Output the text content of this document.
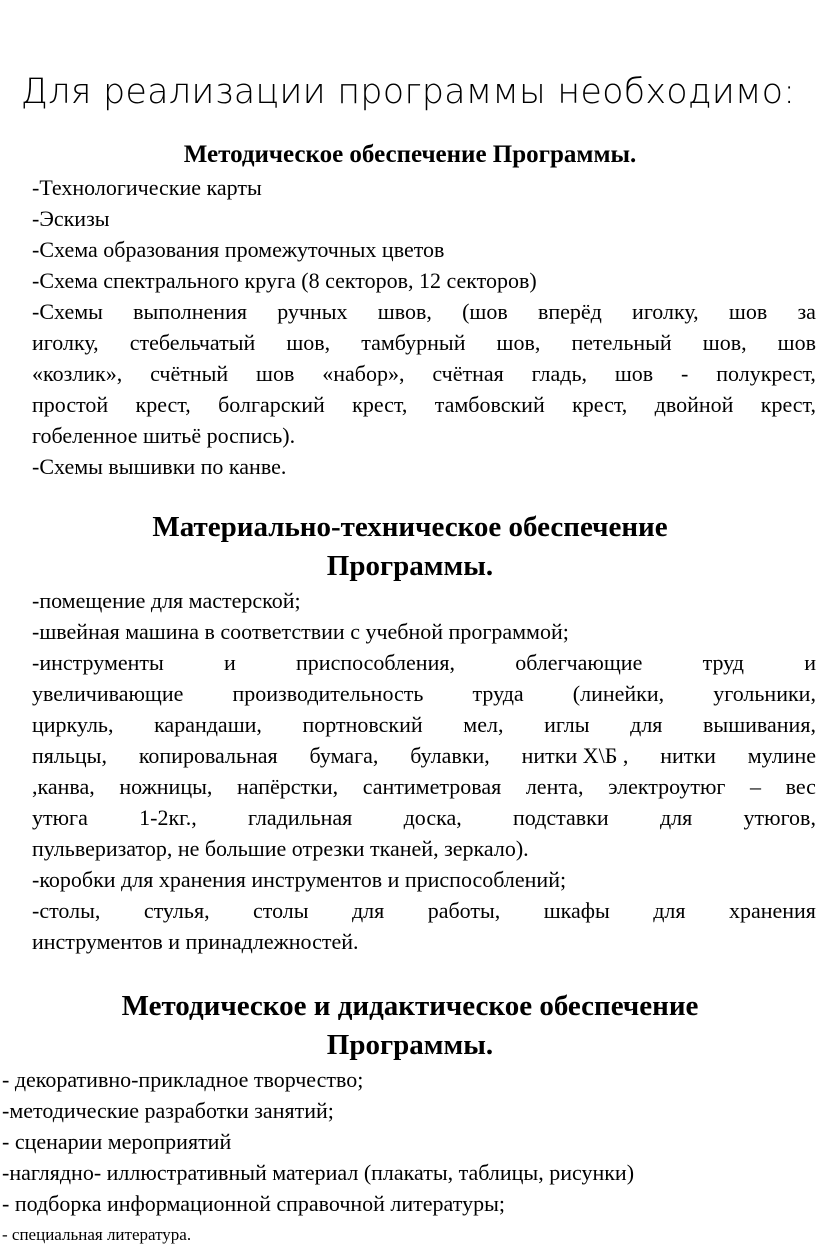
Для реализации программы необходимо:
Методическое обеспечение Программы.
-Технологические карты
-Эскизы
-Схема образования промежуточных цветов
-Схема спектрального круга (8 секторов, 12 секторов)
-Схемы выполнения ручных швов, (шов вперёд иголку, шов за
иголку, стебельчатый шов, тамбурный шов, петельный шов, шов
«козлик», счётный шов «набор», счётная гладь, шов - полукрест,
простой крест, болгарский крест, тамбовский крест, двойной крест,
гобеленное шитьё роспись).
-Схемы вышивки по канве.
Материально-техническое обеспечение
Программы.
-помещение для мастерской;
-швейная машина в соответствии с учебной программой;
-инструменты	и	приспособления,	облегчающие	труд	и
увеличивающие производительность труда (линейки, угольники,
циркуль, карандаши, портновский мел, иглы для вышивания,
пяльцы, копировальная бумага, булавки, нитки Х\Б , нитки мулине
,канва, ножницы, напёрстки, сантиметровая лента, электроутюг – вес
утюга 1-2кг., гладильная доска, подставки для утюгов,
пульверизатор, не большие отрезки тканей, зеркало).
-коробки для хранения инструментов и приспособлений;
-столы, стулья, столы для работы, шкафы для хранения
инструментов и принадлежностей.
Методическое и дидактическое обеспечение
Программы.
- декоративно-прикладное творчество;
-методические разработки занятий;
- сценарии мероприятий
-наглядно- иллюстративный материал (плакаты, таблицы, рисунки)
- подборка информационной справочной литературы;
- специальная литература.
